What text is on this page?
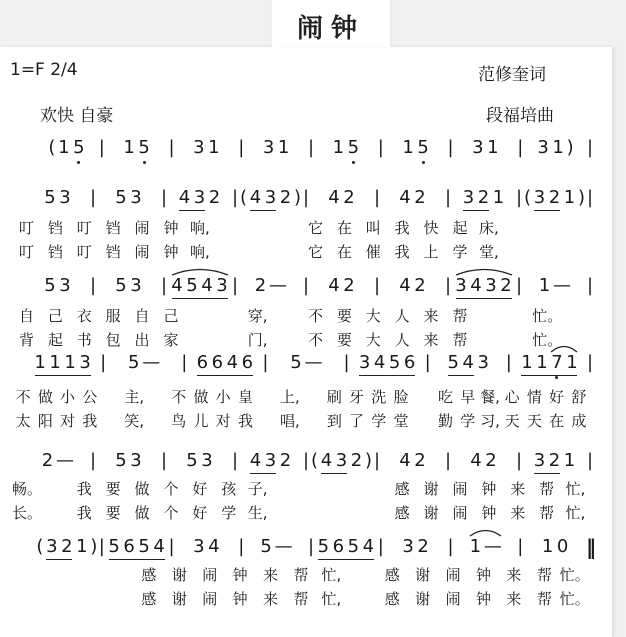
闹钟
1=F 2/4	范修奎词
欢快 自豪	段福培曲
( 1 5 | 1 5 | 3 1 | 3 1 | 1 5 | 1 5 | 3 1 | 3 1 ) |
5 3 | 5 3 | 4 3 2 | ( 4 3 2 ) | 4 2 | 4 2 | 3 2 1 | ( 3 2 1 ) |
叮 铛 叮 铛 闹 钟 响,	它 在 叫 我 快 起 床,
叮 铛 叮 铛 闹 钟 响,	它 在 催 我 上 学 堂,
5 3 | 5 3 | 4 5 4 3 | 2 — | 4 2 | 4 2 | 3 4 3 2 | 1 — |
自 己 衣 服 自 己	穿,	不 要 大 人 来 帮	忙。
背 起 书 包 出 家	门,	不 要 大 人 来 帮	忙。
1 1 1 3 | 5 — | 6 6 4 6 | 5 — | 3 4 5 6 | 5 4 3 | 1 1 7 1 |
不 做 小 公 主, 不 做 小 皇 上, 刷 牙 洗 脸 吃 早 餐, 心 情 好 舒
太 阳 对 我 笑, 鸟 儿 对 我 唱, 到 了 学 堂 勤 学 习, 天 天 在 成
2 — | 5 3 | 5 3 | 4 3 2 | ( 4 3 2 ) | 4 2 | 4 2 | 3 2 1 |
畅。	我 要 做 个 好 孩 子,	感 谢 闹 钟 来 帮 忙,
长。	我 要 做 个 好 学 生,	感 谢 闹 钟 来 帮 忙,
( 3 2 1 ) | 5 6 5 4 | 3 4 | 5 — | 5 6 5 4 | 3 2 | 1 — | 1 0 ‖
感	谢	闹	钟	来	帮 忙,	感	谢	闹	钟	来	帮 忙。
感	谢	闹	钟	来	帮 忙,	感	谢	闹	钟	来	帮 忙。
